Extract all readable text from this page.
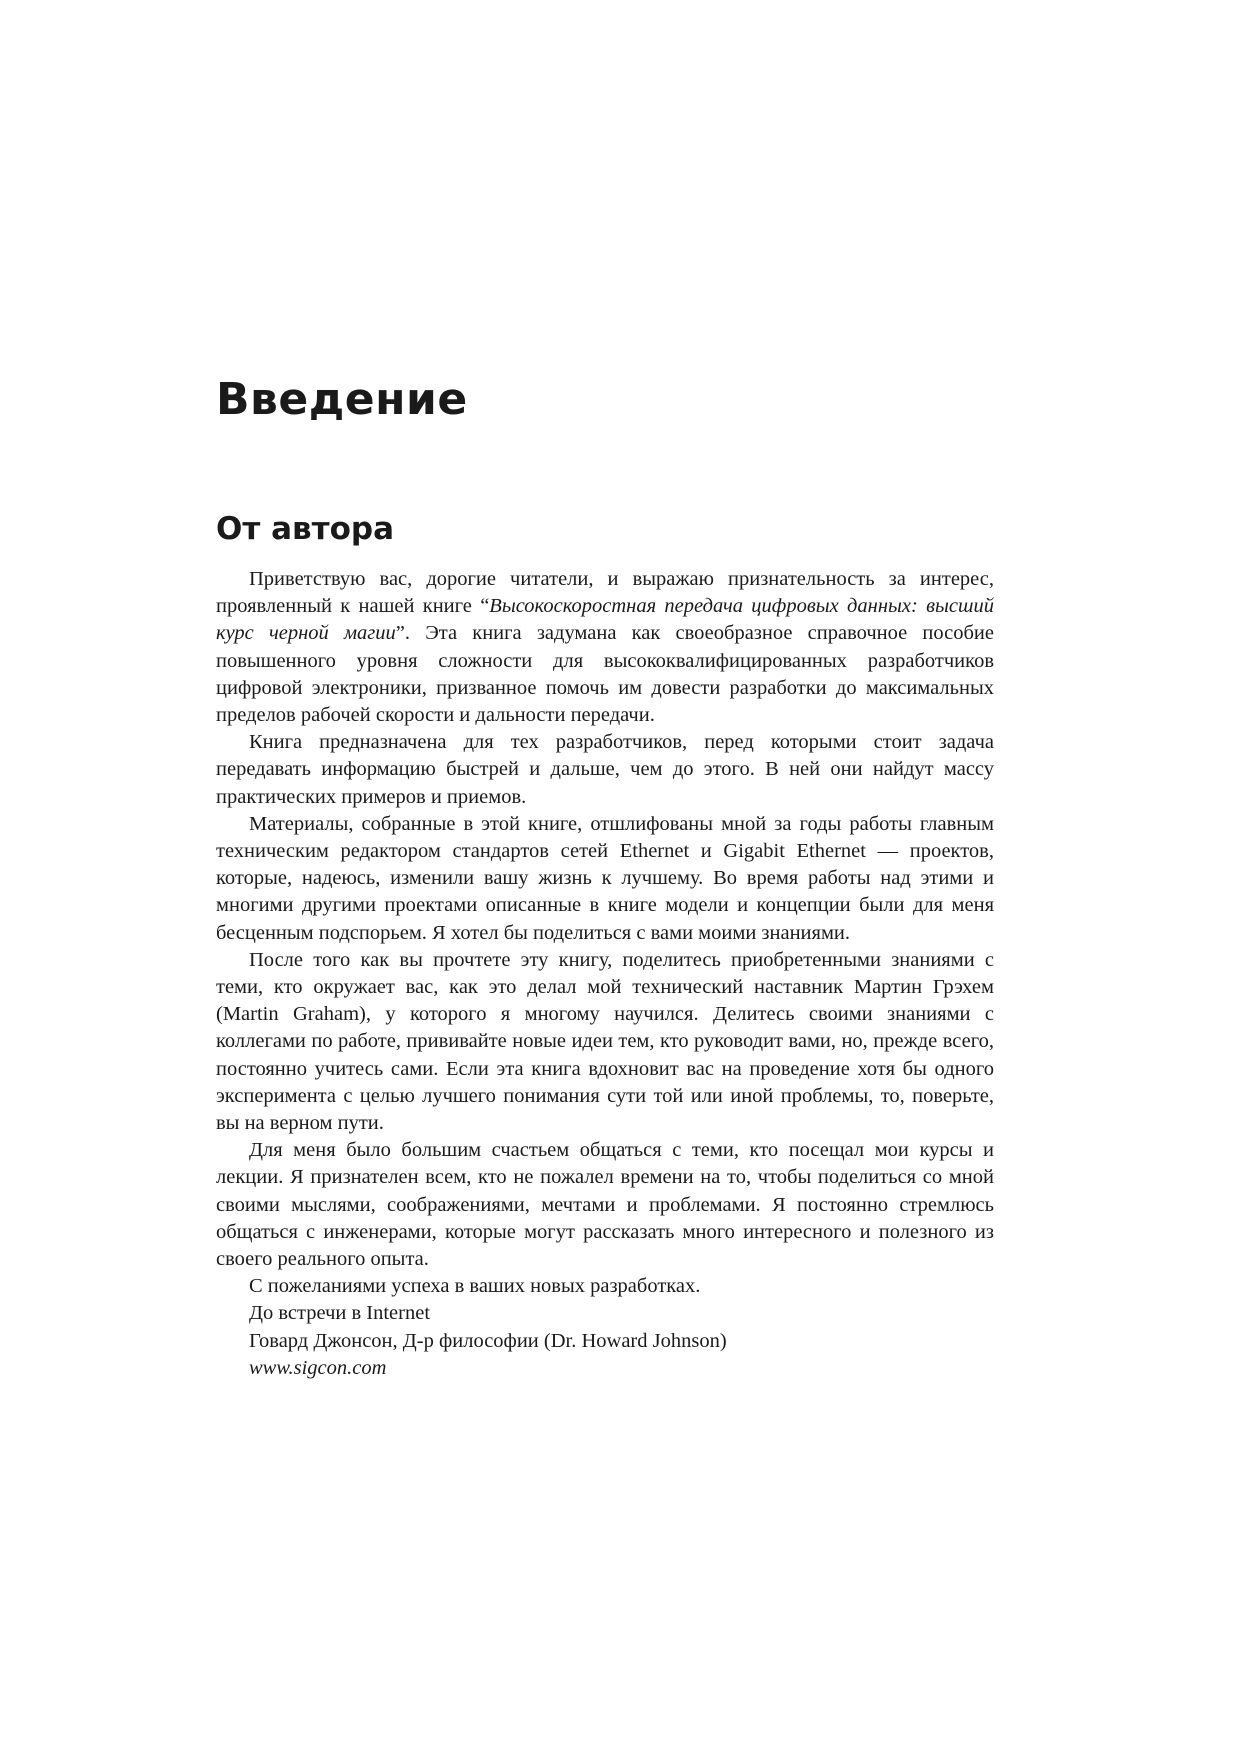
Введение
От автора

Приветствую вас, дорогие читатели, и выражаю признательность за интерес, проявленный к нашей книге “Высокоскоростная передача цифровых данных: высший курс черной магии”. Эта книга задумана как своеобразное справочное пособие повышенного уровня сложности для высококвалифицированных разработчиков цифровой электроники, призванное помочь им довести разработки до максимальных пределов рабочей скорости и дальности передачи.

Книга предназначена для тех разработчиков, перед которыми стоит задача передавать информацию быстрей и дальше, чем до этого. В ней они найдут массу практических примеров и приемов.

Материалы, собранные в этой книге, отшлифованы мной за годы работы главным техническим редактором стандартов сетей Ethernet и Gigabit Ethernet — проектов, которые, надеюсь, изменили вашу жизнь к лучшему. Во время работы над этими и многими другими проектами описанные в книге модели и концепции были для меня бесценным подспорьем. Я хотел бы поделиться с вами моими знаниями.

После того как вы прочтете эту книгу, поделитесь приобретенными знаниями с теми, кто окружает вас, как это делал мой технический наставник Мартин Грэхем (Martin Graham), у которого я многому научился. Делитесь своими знаниями с коллегами по работе, прививайте новые идеи тем, кто руководит вами, но, прежде всего, постоянно учитесь сами. Если эта книга вдохновит вас на проведение хотя бы одного эксперимента с целью лучшего понимания сути той или иной проблемы, то, поверьте, вы на верном пути.

Для меня было большим счастьем общаться с теми, кто посещал мои курсы и лекции. Я признателен всем, кто не пожалел времени на то, чтобы поделиться со мной своими мыслями, соображениями, мечтами и проблемами. Я постоянно стремлюсь общаться с инженерами, которые могут рассказать много интересного и полезного из своего реального опыта.

С пожеланиями успеха в ваших новых разработках.

До встречи в Internet

Говард Джонсон, Д-р философии (Dr. Howard Johnson)

www.sigcon.com
